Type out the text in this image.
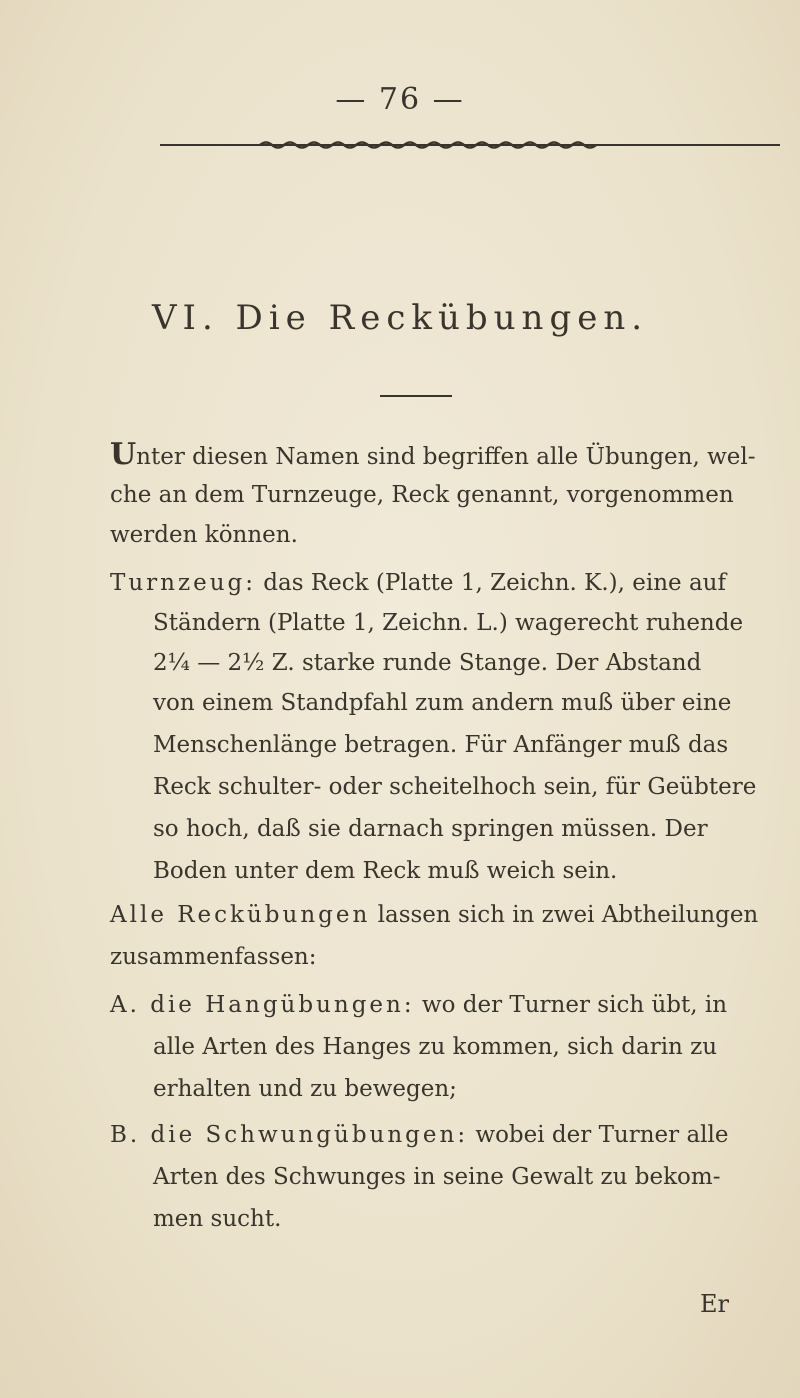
— 76 —
VI. Die Reckübungen.
Unter diesen Namen sind begriffen alle Übungen, wel-
che an dem Turnzeuge, Reck genannt, vorgenommen
werden können.
Turnzeug: das Reck (Platte 1, Zeichn. K.), eine auf
Ständern (Platte 1, Zeichn. L.) wagerecht ruhende
2¼ — 2½ Z. starke runde Stange. Der Abstand
von einem Standpfahl zum andern muß über eine
Menschenlänge betragen. Für Anfänger muß das
Reck schulter- oder scheitelhoch sein, für Geübtere
so hoch, daß sie darnach springen müssen. Der
Boden unter dem Reck muß weich sein.
Alle Reckübungen lassen sich in zwei Abtheilungen
zusammenfassen:
A. die Hangübungen: wo der Turner sich übt, in
alle Arten des Hanges zu kommen, sich darin zu
erhalten und zu bewegen;
B. die Schwungübungen: wobei der Turner alle
Arten des Schwunges in seine Gewalt zu bekom-
men sucht.
Er
